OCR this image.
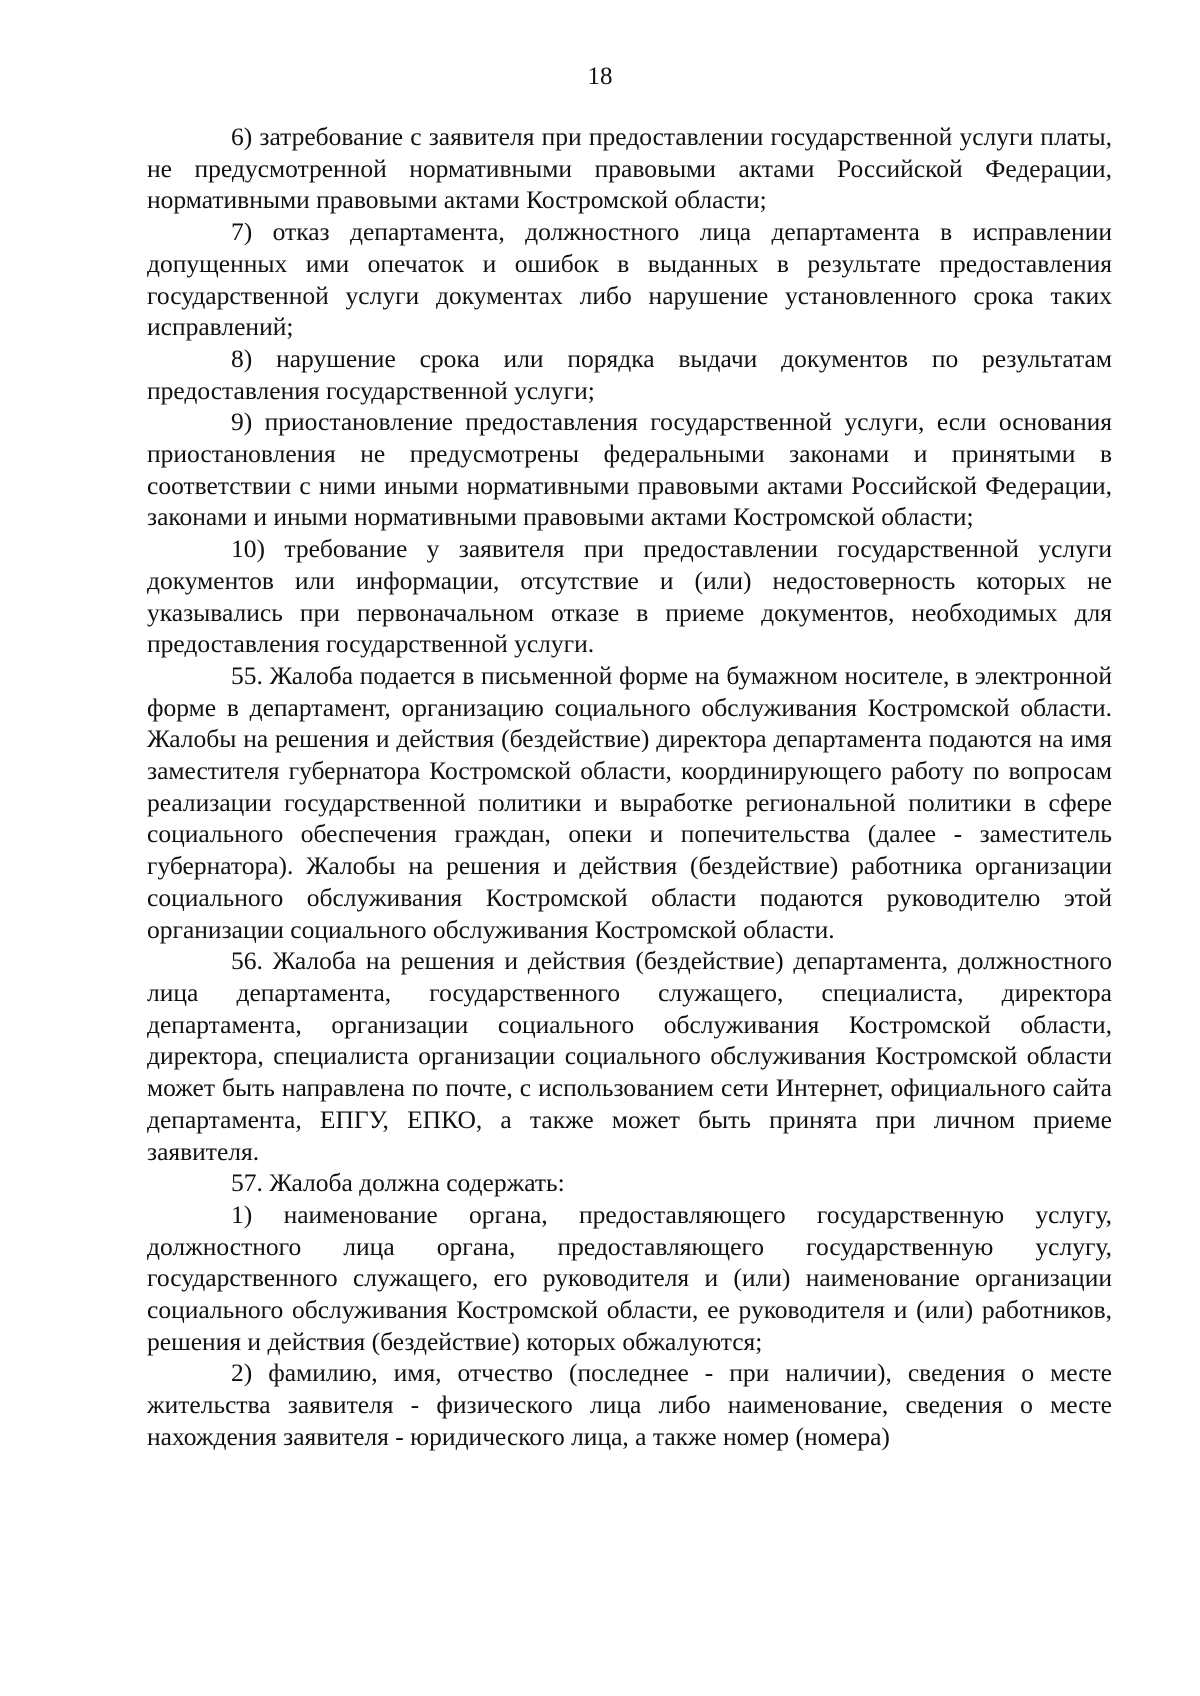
18

6) затребование с заявителя при предоставлении государственной услуги платы, не предусмотренной нормативными правовыми актами Российской Федерации, нормативными правовыми актами Костромской области;

7) отказ департамента, должностного лица департамента в исправлении допущенных ими опечаток и ошибок в выданных в результате предоставления государственной услуги документах либо нарушение установленного срока таких исправлений;

8) нарушение срока или порядка выдачи документов по результатам предоставления государственной услуги;

9) приостановление предоставления государственной услуги, если основания приостановления не предусмотрены федеральными законами и принятыми в соответствии с ними иными нормативными правовыми актами Российской Федерации, законами и иными нормативными правовыми актами Костромской области;

10) требование у заявителя при предоставлении государственной услуги документов или информации, отсутствие и (или) недостоверность которых не указывались при первоначальном отказе в приеме документов, необходимых для предоставления государственной услуги.

55. Жалоба подается в письменной форме на бумажном носителе, в электронной форме в департамент, организацию социального обслуживания Костромской области. Жалобы на решения и действия (бездействие) директора департамента подаются на имя заместителя губернатора Костромской области, координирующего работу по вопросам реализации государственной политики и выработке региональной политики в сфере социального обеспечения граждан, опеки и попечительства (далее - заместитель губернатора). Жалобы на решения и действия (бездействие) работника организации социального обслуживания Костромской области подаются руководителю этой организации социального обслуживания Костромской области.

56. Жалоба на решения и действия (бездействие) департамента, должностного лица департамента, государственного служащего, специалиста, директора департамента, организации социального обслуживания Костромской области, директора, специалиста организации социального обслуживания Костромской области может быть направлена по почте, с использованием сети Интернет, официального сайта департамента, ЕПГУ, ЕПКО, а также может быть принята при личном приеме заявителя.

57. Жалоба должна содержать:

1) наименование органа, предоставляющего государственную услугу, должностного лица органа, предоставляющего государственную услугу, государственного служащего, его руководителя и (или) наименование организации социального обслуживания Костромской области, ее руководителя и (или) работников, решения и действия (бездействие) которых обжалуются;

2) фамилию, имя, отчество (последнее - при наличии), сведения о месте жительства заявителя - физического лица либо наименование, сведения о месте нахождения заявителя - юридического лица, а также номер (номера)
